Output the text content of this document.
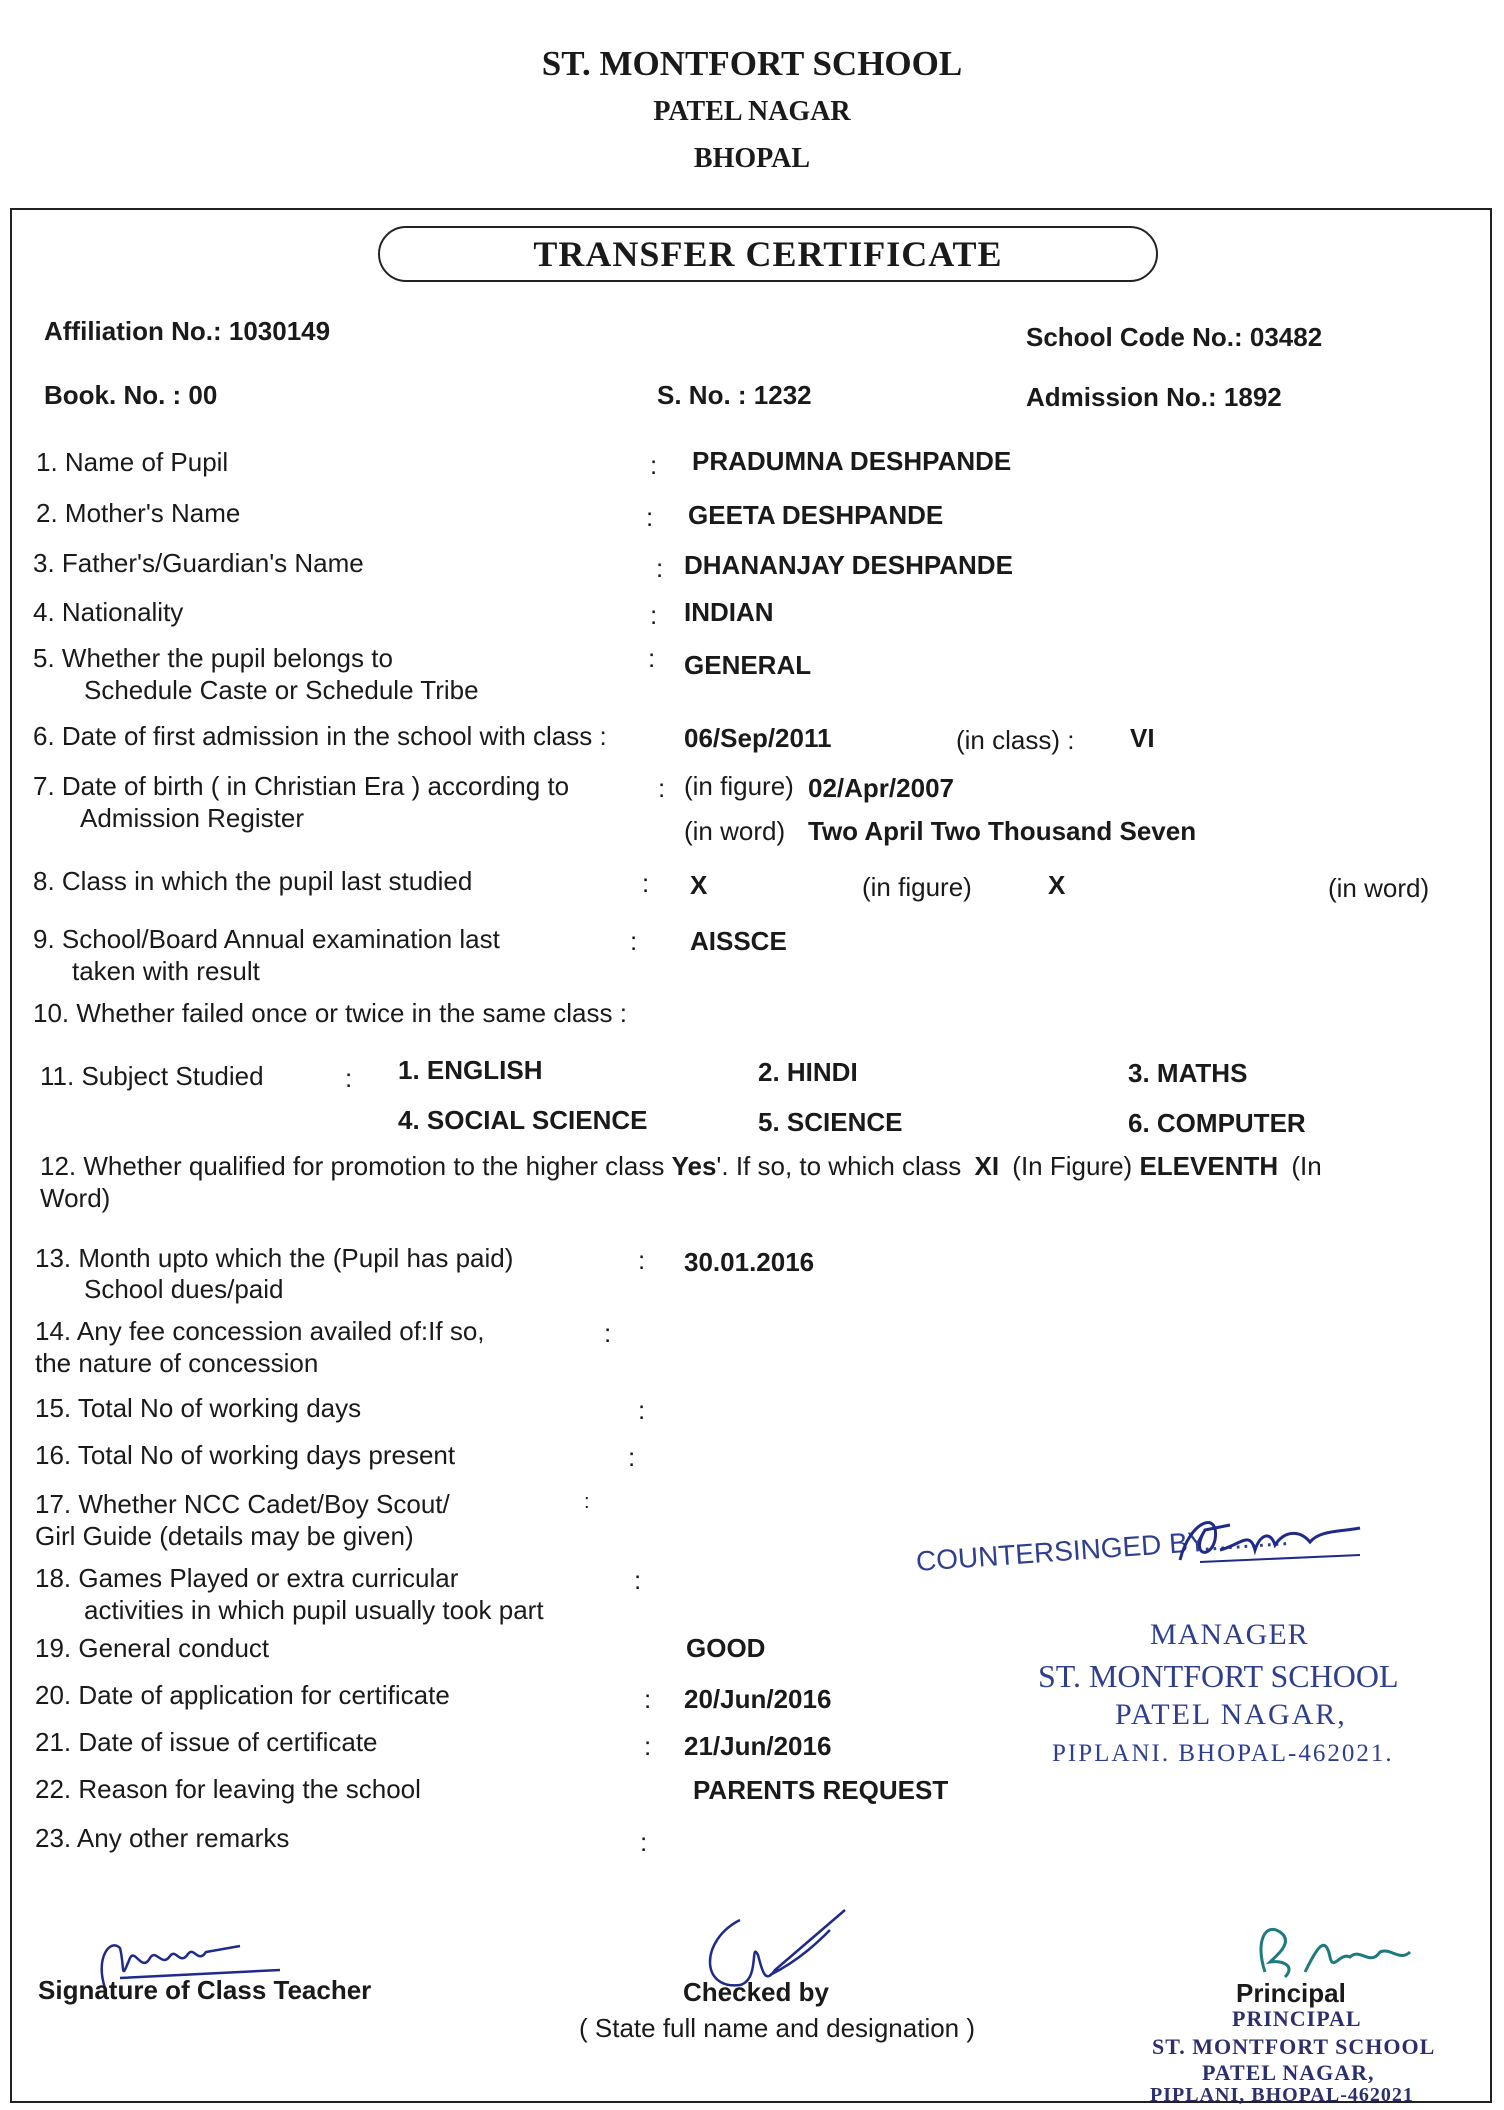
ST. MONTFORT SCHOOL
PATEL NAGAR
BHOPAL
TRANSFER CERTIFICATE
Affiliation No.: 1030149	School Code No.: 03482
Book. No. : 00	S. No. : 1232	Admission No.: 1892
1. Name of Pupil	: PRADUMNA DESHPANDE
2. Mother's Name	: GEETA DESHPANDE
3. Father's/Guardian's Name	: DHANANJAY DESHPANDE
4. Nationality	: INDIAN
5. Whether the pupil belongs to
Schedule Caste or Schedule Tribe
: GENERAL
6. Date of first admission in the school with class :	06/Sep/2011	(in class) : VI
7. Date of birth ( in Christian Era ) according to
Admission Register
: (in figure) 02/Apr/2007
(in word) Two April Two Thousand Seven
8. Class in which the pupil last studied	: X	(in figure)	X	(in word)
9. School/Board Annual examination last
taken with result
: AISSCE
10. Whether failed once or twice in the same class :
11. Subject Studied	: 1. ENGLISH	2. HINDI	3. MATHS
4. SOCIAL SCIENCE	5. SCIENCE	6. COMPUTER
12. Whether qualified for promotion to the higher class Yes'. If so, to which class XI (In Figure) ELEVENTH (In
Word)
13. Month upto which the (Pupil has paid)
School dues/paid
: 30.01.2016
14. Any fee concession availed of:If so,
the nature of concession
:
15. Total No of working days	:
16. Total No of working days present	:
17. Whether NCC Cadet/Boy Scout/
Girl Guide (details may be given)
:
18. Games Played or extra curricular
activities in which pupil usually took part
:
19. General conduct	GOOD
20. Date of application for certificate	: 20/Jun/2016
21. Date of issue of certificate	: 21/Jun/2016
22. Reason for leaving the school	PARENTS REQUEST
23. Any other remarks	:
COUNTERSINGED BY...........
MANAGER
ST. MONTFORT SCHOOL
PATEL NAGAR,
PIPLANI. BHOPAL-462021.
Signature of Class Teacher	Checked by
( State full name and designation )
Principal
PRINCIPAL
ST. MONTFORT SCHOOL
PATEL NAGAR,
PIPLANI, BHOPAL-462021
